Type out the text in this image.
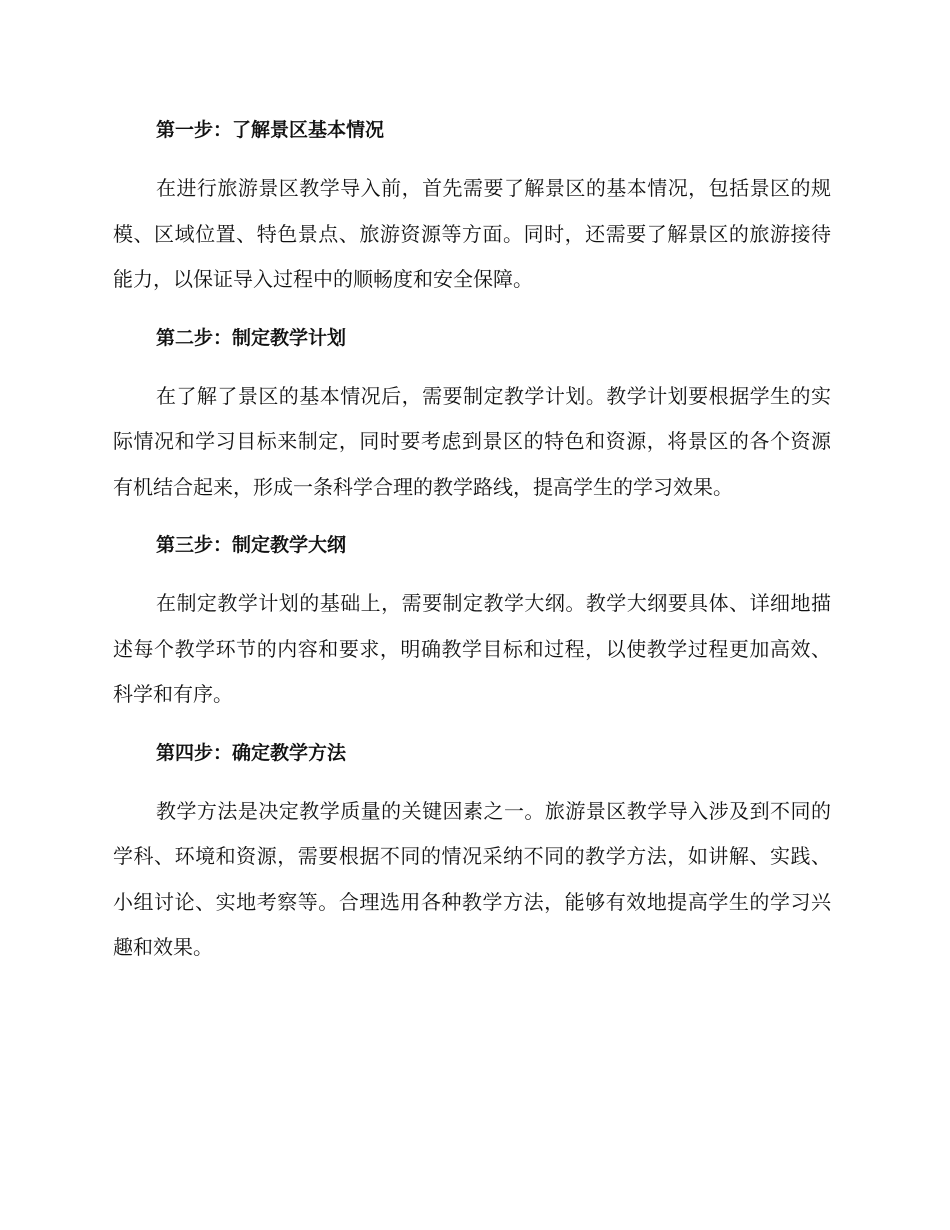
第一步：了解景区基本情况

在进行旅游景区教学导入前，首先需要了解景区的基本情况，包括景区的规模、区域位置、特色景点、旅游资源等方面。同时，还需要了解景区的旅游接待能力，以保证导入过程中的顺畅度和安全保障。

第二步：制定教学计划

在了解了景区的基本情况后，需要制定教学计划。教学计划要根据学生的实际情况和学习目标来制定，同时要考虑到景区的特色和资源，将景区的各个资源有机结合起来，形成一条科学合理的教学路线，提高学生的学习效果。

第三步：制定教学大纲

在制定教学计划的基础上，需要制定教学大纲。教学大纲要具体、详细地描述每个教学环节的内容和要求，明确教学目标和过程，以使教学过程更加高效、科学和有序。

第四步：确定教学方法

教学方法是决定教学质量的关键因素之一。旅游景区教学导入涉及到不同的学科、环境和资源，需要根据不同的情况采纳不同的教学方法，如讲解、实践、小组讨论、实地考察等。合理选用各种教学方法，能够有效地提高学生的学习兴趣和效果。
